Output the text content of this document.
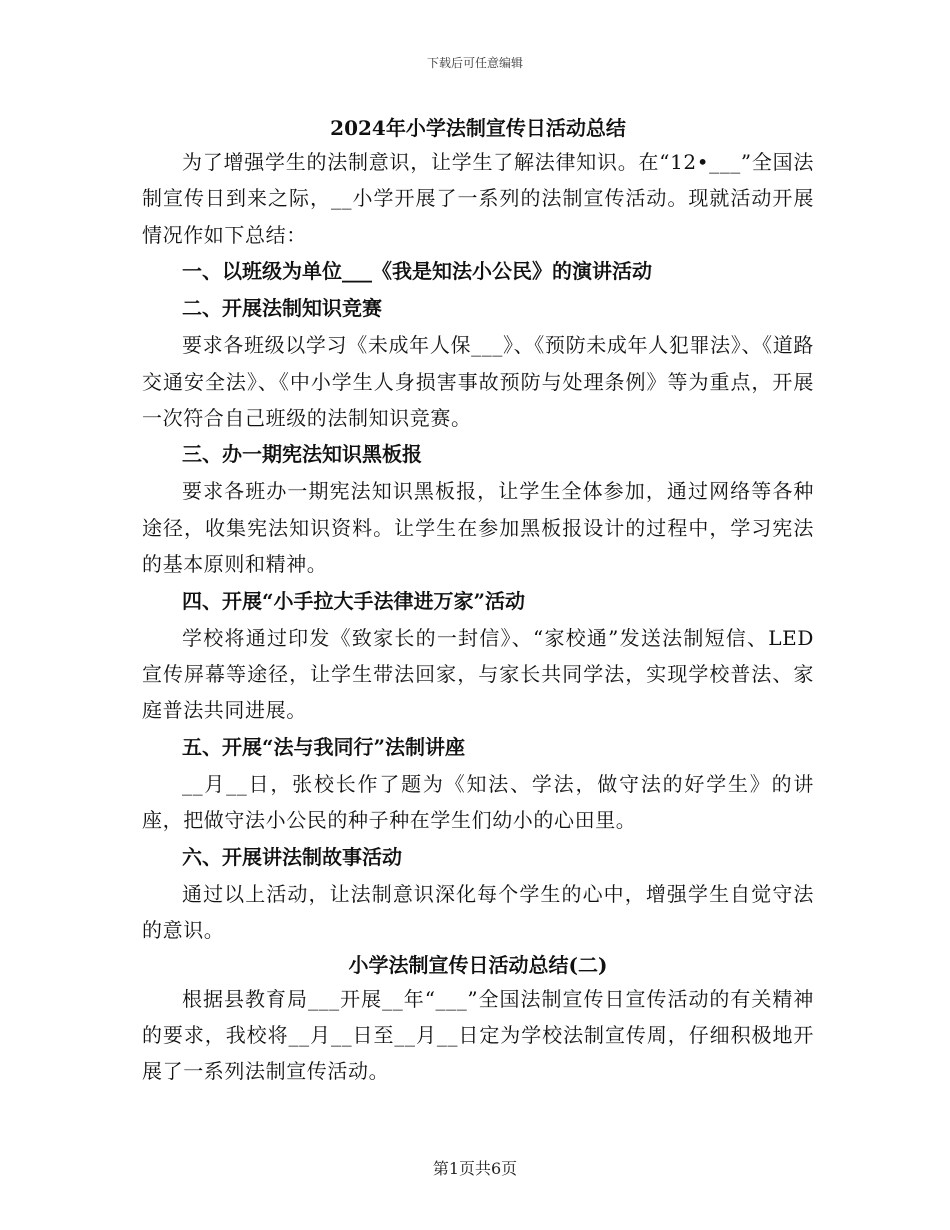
下载后可任意编辑
2024年小学法制宣传日活动总结

为了增强学生的法制意识，让学生了解法律知识。在“12•___”全国法制宣传日到来之际，__小学开展了一系列的法制宣传活动。现就活动开展情况作如下总结：

一、以班级为单位___《我是知法小公民》的演讲活动

二、开展法制知识竞赛

要求各班级以学习《未成年人保___》、《预防未成年人犯罪法》、《道路交通安全法》、《中小学生人身损害事故预防与处理条例》等为重点，开展一次符合自己班级的法制知识竞赛。

三、办一期宪法知识黑板报

要求各班办一期宪法知识黑板报，让学生全体参加，通过网络等各种途径，收集宪法知识资料。让学生在参加黑板报设计的过程中，学习宪法的基本原则和精神。

四、开展“小手拉大手法律进万家”活动

学校将通过印发《致家长的一封信》、“家校通”发送法制短信、LED宣传屏幕等途径，让学生带法回家，与家长共同学法，实现学校普法、家庭普法共同进展。

五、开展“法与我同行”法制讲座

__月__日，张校长作了题为《知法、学法，做守法的好学生》的讲座，把做守法小公民的种子种在学生们幼小的心田里。

六、开展讲法制故事活动

通过以上活动，让法制意识深化每个学生的心中，增强学生自觉守法的意识。

小学法制宣传日活动总结(二)

根据县教育局___开展__年“___”全国法制宣传日宣传活动的有关精神的要求，我校将__月__日至__月__日定为学校法制宣传周，仔细积极地开展了一系列法制宣传活动。

第1页共6页
